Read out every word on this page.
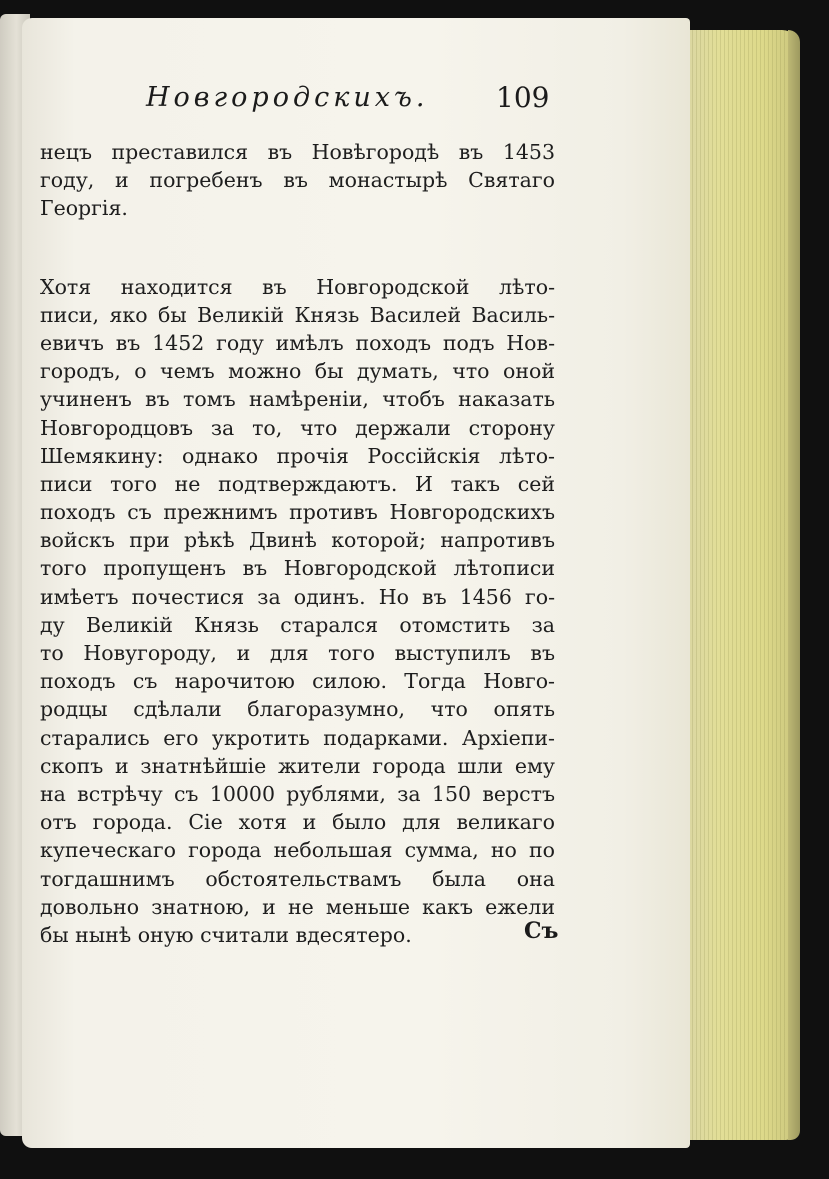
Новгородскихъ. 109
нецъ преставился въ Новѣгородѣ въ 1453
году, и погребенъ въ монастырѣ Святаго
Георгія.
Хотя находится въ Новгородской лѣто-
писи, яко бы Великій Князь Василей Василь-
евичъ въ 1452 году имѣлъ походъ подъ Нов-
городъ, о чемъ можно бы думать, что оной
учиненъ въ томъ намѣреніи, чтобъ наказать
Новгородцовъ за то, что держали сторону
Шемякину: однако прочія Россійскія лѣто-
писи того не подтверждаютъ. И такъ сей
походъ съ прежнимъ противъ Новгородскихъ
войскъ при рѣкѣ Двинѣ которой; напротивъ
того пропущенъ въ Новгородской лѣтописи
имѣетъ почестися за одинъ. Но въ 1456 го-
ду Великій Князь старался отомстить за
то Новугороду, и для того выступилъ въ
походъ съ нарочитою силою. Тогда Новго-
родцы сдѣлали благоразумно, что опять
старались его укротить подарками. Архіепи-
скопъ и знатнѣйшіе жители города шли ему
на встрѣчу съ 10000 рублями, за 150 верстъ
отъ города. Сіе хотя и было для великаго
купеческаго города небольшая сумма, но по
тогдашнимъ обстоятельствамъ была она
довольно знатною, и не меньше какъ ежели
бы нынѣ оную считали вдесятеро.	Съ
